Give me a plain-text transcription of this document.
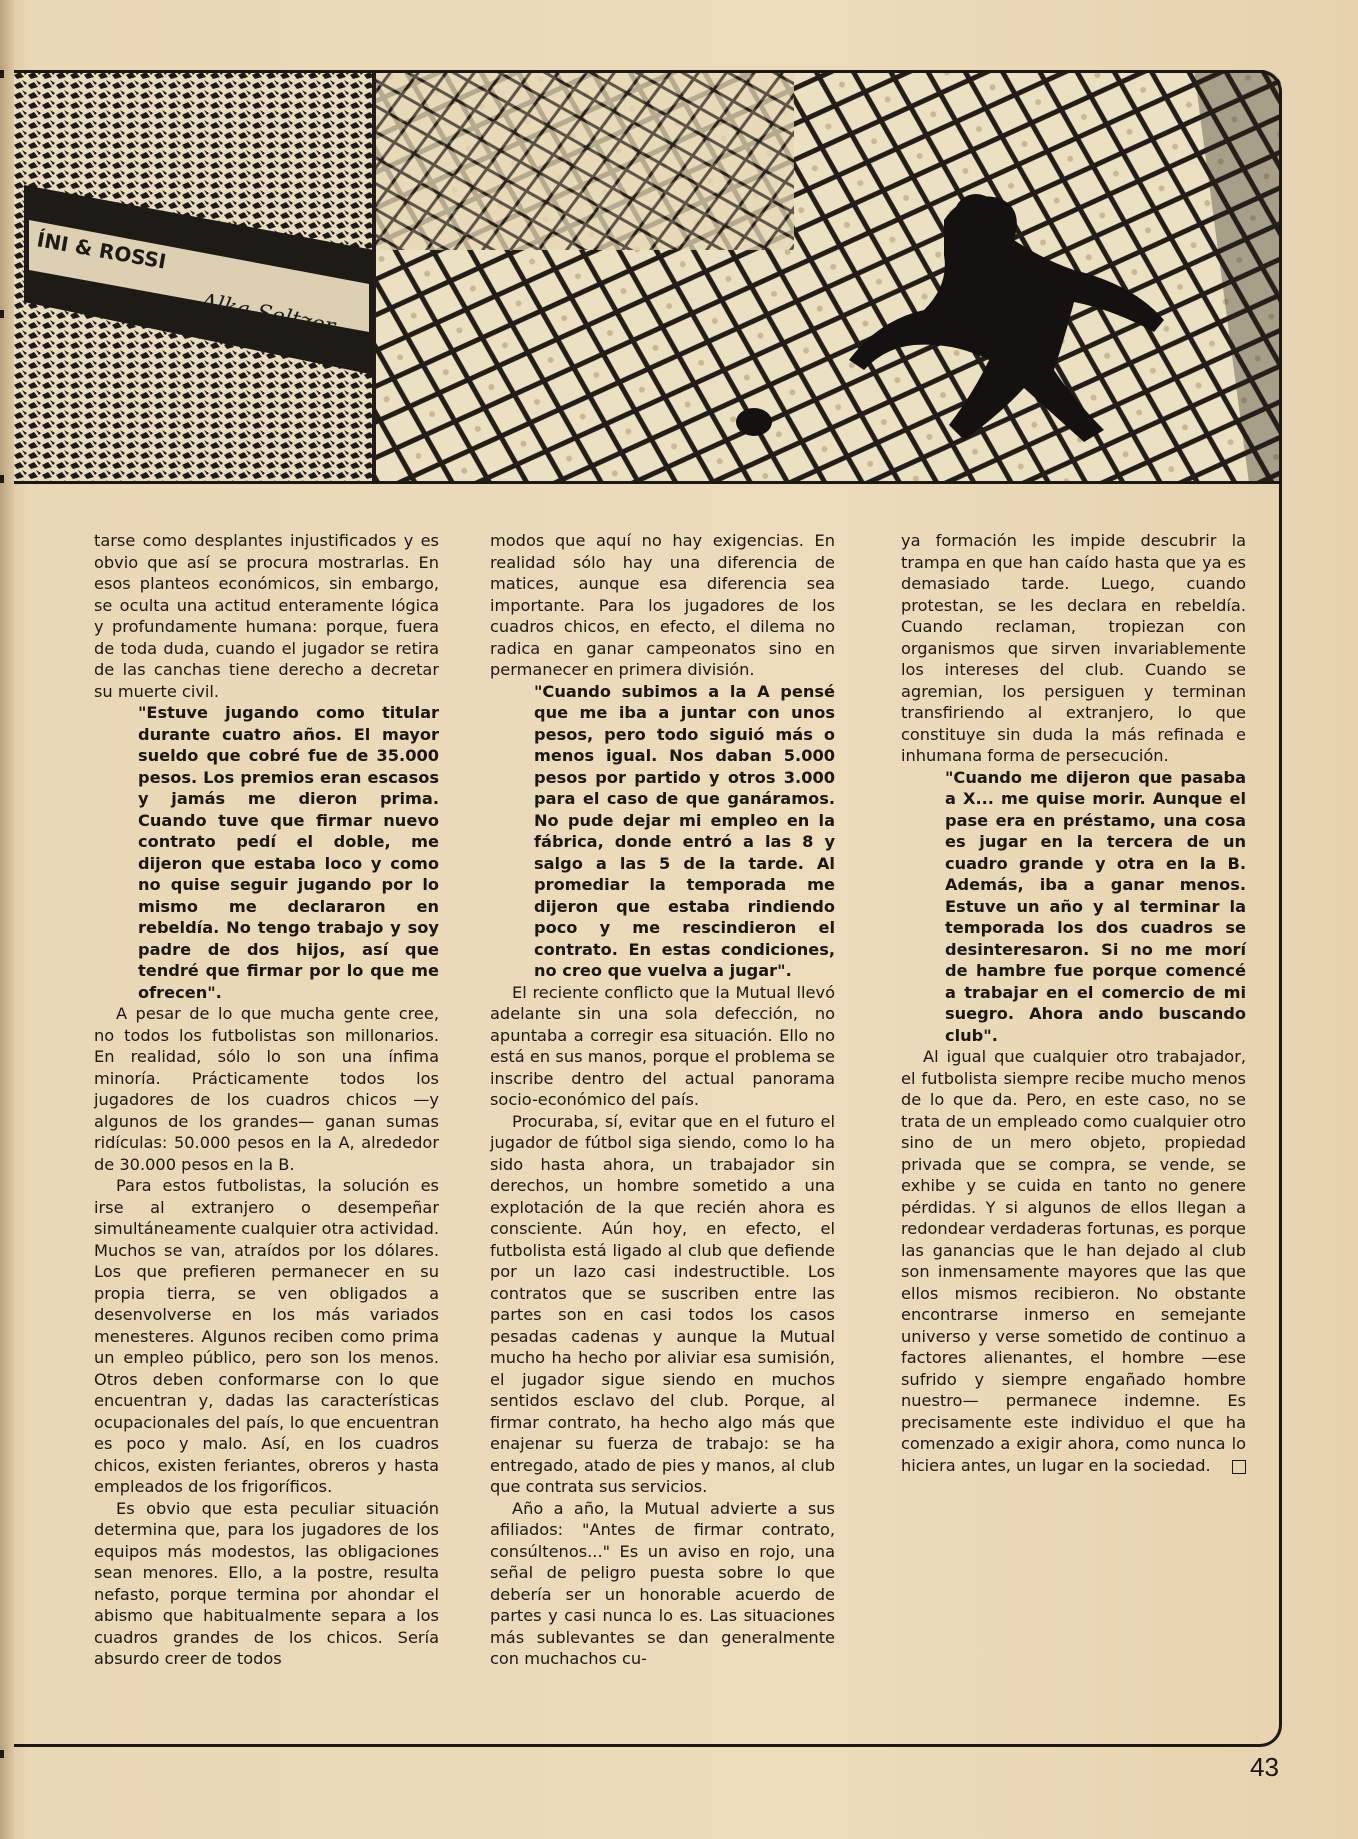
ÍNI & ROSSI
Alka-Seltzer

tarse como desplantes injustificados y es obvio que así se procura mostrarlas. En esos planteos económicos, sin embargo, se oculta una actitud enteramente lógica y profundamente humana: porque, fuera de toda duda, cuando el jugador se retira de las canchas tiene derecho a decretar su muerte civil.

"Estuve jugando como titular durante cuatro años. El mayor sueldo que cobré fue de 35.000 pesos. Los premios eran escasos y jamás me dieron prima. Cuando tuve que firmar nuevo contrato pedí el doble, me dijeron que estaba loco y como no quise seguir jugando por lo mismo me declararon en rebeldía. No tengo trabajo y soy padre de dos hijos, así que tendré que firmar por lo que me ofrecen".

A pesar de lo que mucha gente cree, no todos los futbolistas son millonarios. En realidad, sólo lo son una ínfima minoría. Prácticamente todos los jugadores de los cuadros chicos —y algunos de los grandes— ganan sumas ridículas: 50.000 pesos en la A, alrededor de 30.000 pesos en la B.

Para estos futbolistas, la solución es irse al extranjero o desempeñar simultáneamente cualquier otra actividad. Muchos se van, atraídos por los dólares. Los que prefieren permanecer en su propia tierra, se ven obligados a desenvolverse en los más variados menesteres. Algunos reciben como prima un empleo público, pero son los menos. Otros deben conformarse con lo que encuentran y, dadas las características ocupacionales del país, lo que encuentran es poco y malo. Así, en los cuadros chicos, existen feriantes, obreros y hasta empleados de los frigoríficos.

Es obvio que esta peculiar situación determina que, para los jugadores de los equipos más modestos, las obligaciones sean menores. Ello, a la postre, resulta nefasto, porque termina por ahondar el abismo que habitualmente separa a los cuadros grandes de los chicos. Sería absurdo creer de todos

modos que aquí no hay exigencias. En realidad sólo hay una diferencia de matices, aunque esa diferencia sea importante. Para los jugadores de los cuadros chicos, en efecto, el dilema no radica en ganar campeonatos sino en permanecer en primera división.

"Cuando subimos a la A pensé que me iba a juntar con unos pesos, pero todo siguió más o menos igual. Nos daban 5.000 pesos por partido y otros 3.000 para el caso de que ganáramos. No pude dejar mi empleo en la fábrica, donde entró a las 8 y salgo a las 5 de la tarde. Al promediar la temporada me dijeron que estaba rindiendo poco y me rescindieron el contrato. En estas condiciones, no creo que vuelva a jugar".

El reciente conflicto que la Mutual llevó adelante sin una sola defección, no apuntaba a corregir esa situación. Ello no está en sus manos, porque el problema se inscribe dentro del actual panorama socio-económico del país.

Procuraba, sí, evitar que en el futuro el jugador de fútbol siga siendo, como lo ha sido hasta ahora, un trabajador sin derechos, un hombre sometido a una explotación de la que recién ahora es consciente. Aún hoy, en efecto, el futbolista está ligado al club que defiende por un lazo casi indestructible. Los contratos que se suscriben entre las partes son en casi todos los casos pesadas cadenas y aunque la Mutual mucho ha hecho por aliviar esa sumisión, el jugador sigue siendo en muchos sentidos esclavo del club. Porque, al firmar contrato, ha hecho algo más que enajenar su fuerza de trabajo: se ha entregado, atado de pies y manos, al club que contrata sus servicios.

Año a año, la Mutual advierte a sus afiliados: "Antes de firmar contrato, consúltenos..." Es un aviso en rojo, una señal de peligro puesta sobre lo que debería ser un honorable acuerdo de partes y casi nunca lo es. Las situaciones más sublevantes se dan generalmente con muchachos cu-

ya formación les impide descubrir la trampa en que han caído hasta que ya es demasiado tarde. Luego, cuando protestan, se les declara en rebeldía. Cuando reclaman, tropiezan con organismos que sirven invariablemente los intereses del club. Cuando se agremian, los persiguen y terminan transfiriendo al extranjero, lo que constituye sin duda la más refinada e inhumana forma de persecución.

"Cuando me dijeron que pasaba a X... me quise morir. Aunque el pase era en préstamo, una cosa es jugar en la tercera de un cuadro grande y otra en la B. Además, iba a ganar menos. Estuve un año y al terminar la temporada los dos cuadros se desinteresaron. Si no me morí de hambre fue porque comencé a trabajar en el comercio de mi suegro. Ahora ando buscando club".

Al igual que cualquier otro trabajador, el futbolista siempre recibe mucho menos de lo que da. Pero, en este caso, no se trata de un empleado como cualquier otro sino de un mero objeto, propiedad privada que se compra, se vende, se exhibe y se cuida en tanto no genere pérdidas. Y si algunos de ellos llegan a redondear verdaderas fortunas, es porque las ganancias que le han dejado al club son inmensamente mayores que las que ellos mismos recibieron. No obstante encontrarse inmerso en semejante universo y verse sometido de continuo a factores alienantes, el hombre —ese sufrido y siempre engañado hombre nuestro— permanece indemne. Es precisamente este individuo el que ha comenzado a exigir ahora, como nunca lo hiciera antes, un lugar en la sociedad.

43
